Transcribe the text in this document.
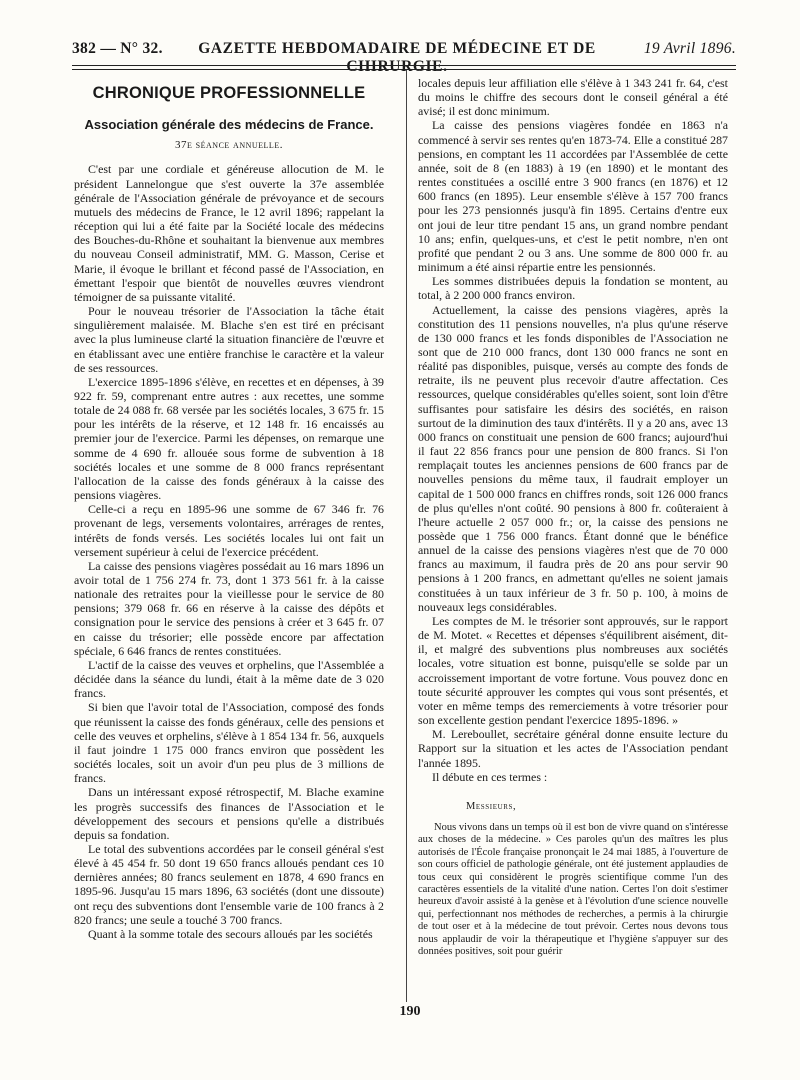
382 — N° 32.	GAZETTE HEBDOMADAIRE DE MÉDECINE ET DE CHIRURGIE.
19 Avril 1896.
CHRONIQUE PROFESSIONNELLE
Association générale des médecins de France.
37e séance annuelle.

C'est par une cordiale et généreuse allocution de M. le président Lannelongue que s'est ouverte la 37e assemblée générale de l'Association générale de prévoyance et de secours mutuels des médecins de France, le 12 avril 1896; rappelant la réception qui lui a été faite par la Société locale des médecins des Bouches-du-Rhône et souhaitant la bienvenue aux membres du nouveau Conseil administratif, MM. G. Masson, Cerise et Marie, il évoque le brillant et fécond passé de l'Association, en émettant l'espoir que bientôt de nouvelles œuvres viendront témoigner de sa puissante vitalité.

Pour le nouveau trésorier de l'Association la tâche était singulièrement malaisée. M. Blache s'en est tiré en précisant avec la plus lumineuse clarté la situation financière de l'œuvre et en établissant avec une entière franchise le caractère et la valeur de ses ressources.

L'exercice 1895-1896 s'élève, en recettes et en dépenses, à 39 922 fr. 59, comprenant entre autres : aux recettes, une somme totale de 24 088 fr. 68 versée par les sociétés locales, 3 675 fr. 15 pour les intérêts de la réserve, et 12 148 fr. 16 encaissés au premier jour de l'exercice. Parmi les dépenses, on remarque une somme de 4 690 fr. allouée sous forme de subvention à 18 sociétés locales et une somme de 8 000 francs représentant l'allocation de la caisse des fonds généraux à la caisse des pensions viagères.

Celle-ci a reçu en 1895-96 une somme de 67 346 fr. 76 provenant de legs, versements volontaires, arrérages de rentes, intérêts de fonds versés. Les sociétés locales lui ont fait un versement supérieur à celui de l'exercice précédent.

La caisse des pensions viagères possédait au 16 mars 1896 un avoir total de 1 756 274 fr. 73, dont 1 373 561 fr. à la caisse nationale des retraites pour la vieillesse pour le service de 80 pensions; 379 068 fr. 66 en réserve à la caisse des dépôts et consignation pour le service des pensions à créer et 3 645 fr. 07 en caisse du trésorier; elle possède encore par affectation spéciale, 6 646 francs de rentes constituées.

L'actif de la caisse des veuves et orphelins, que l'Assemblée a décidée dans la séance du lundi, était à la même date de 3 020 francs.

Si bien que l'avoir total de l'Association, composé des fonds que réunissent la caisse des fonds généraux, celle des pensions et celle des veuves et orphelins, s'élève à 1 854 134 fr. 56, auxquels il faut joindre 1 175 000 francs environ que possèdent les sociétés locales, soit un avoir d'un peu plus de 3 millions de francs.

Dans un intéressant exposé rétrospectif, M. Blache examine les progrès successifs des finances de l'Association et le développement des secours et pensions qu'elle a distribués depuis sa fondation.

Le total des subventions accordées par le conseil général s'est élevé à 45 454 fr. 50 dont 19 650 francs alloués pendant ces 10 dernières années; 80 francs seulement en 1878, 4 690 francs en 1895-96. Jusqu'au 15 mars 1896, 63 sociétés (dont une dissoute) ont reçu des subventions dont l'ensemble varie de 100 francs à 2 820 francs; une seule a touché 3 700 francs.

Quant à la somme totale des secours alloués par les sociétés

locales depuis leur affiliation elle s'élève à 1 343 241 fr. 64, c'est du moins le chiffre des secours dont le conseil général a été avisé; il est donc minimum.

La caisse des pensions viagères fondée en 1863 n'a commencé à servir ses rentes qu'en 1873-74. Elle a constitué 287 pensions, en comptant les 11 accordées par l'Assemblée de cette année, soit de 8 (en 1883) à 19 (en 1890) et le montant des rentes constituées a oscillé entre 3 900 francs (en 1876) et 12 600 francs (en 1895). Leur ensemble s'élève à 157 700 francs pour les 273 pensionnés jusqu'à fin 1895. Certains d'entre eux ont joui de leur titre pendant 15 ans, un grand nombre pendant 10 ans; enfin, quelques-uns, et c'est le petit nombre, n'en ont profité que pendant 2 ou 3 ans. Une somme de 800 000 fr. au minimum a été ainsi répartie entre les pensionnés.

Les sommes distribuées depuis la fondation se montent, au total, à 2 200 000 francs environ.

Actuellement, la caisse des pensions viagères, après la constitution des 11 pensions nouvelles, n'a plus qu'une réserve de 130 000 francs et les fonds disponibles de l'Association ne sont que de 210 000 francs, dont 130 000 francs ne sont en réalité pas disponibles, puisque, versés au compte des fonds de retraite, ils ne peuvent plus recevoir d'autre affectation. Ces ressources, quelque considérables qu'elles soient, sont loin d'être suffisantes pour satisfaire les désirs des sociétés, en raison surtout de la diminution des taux d'intérêts. Il y a 20 ans, avec 13 000 francs on constituait une pension de 600 francs; aujourd'hui il faut 22 856 francs pour une pension de 800 francs. Si l'on remplaçait toutes les anciennes pensions de 600 francs par de nouvelles pensions du même taux, il faudrait employer un capital de 1 500 000 francs en chiffres ronds, soit 126 000 francs de plus qu'elles n'ont coûté. 90 pensions à 800 fr. coûteraient à l'heure actuelle 2 057 000 fr.; or, la caisse des pensions ne possède que 1 756 000 francs. Étant donné que le bénéfice annuel de la caisse des pensions viagères n'est que de 70 000 francs au maximum, il faudra près de 20 ans pour servir 90 pensions à 1 200 francs, en admettant qu'elles ne soient jamais constituées à un taux inférieur de 3 fr. 50 p. 100, à moins de nouveaux legs considérables.

Les comptes de M. le trésorier sont approuvés, sur le rapport de M. Motet. « Recettes et dépenses s'équilibrent aisément, dit-il, et malgré des subventions plus nombreuses aux sociétés locales, votre situation est bonne, puisqu'elle se solde par un accroissement important de votre fortune. Vous pouvez donc en toute sécurité approuver les comptes qui vous sont présentés, et voter en même temps des remerciements à votre trésorier pour son excellente gestion pendant l'exercice 1895-1896. »

M. Lereboullet, secrétaire général donne ensuite lecture du Rapport sur la situation et les actes de l'Association pendant l'année 1895.

Il débute en ces termes :

Messieurs,

Nous vivons dans un temps où il est bon de vivre quand on s'intéresse aux choses de la médecine. » Ces paroles qu'un des maîtres les plus autorisés de l'École française prononçait le 24 mai 1885, à l'ouverture de son cours officiel de pathologie générale, ont été justement applaudies de tous ceux qui considèrent le progrès scientifique comme l'un des caractères essentiels de la vitalité d'une nation. Certes l'on doit s'estimer heureux d'avoir assisté à la genèse et à l'évolution d'une science nouvelle qui, perfectionnant nos méthodes de recherches, a permis à la chirurgie de tout oser et à la médecine de tout prévoir. Certes nous devons tous nous applaudir de voir la thérapeutique et l'hygiène s'appuyer sur des données positives, soit pour guérir

190
